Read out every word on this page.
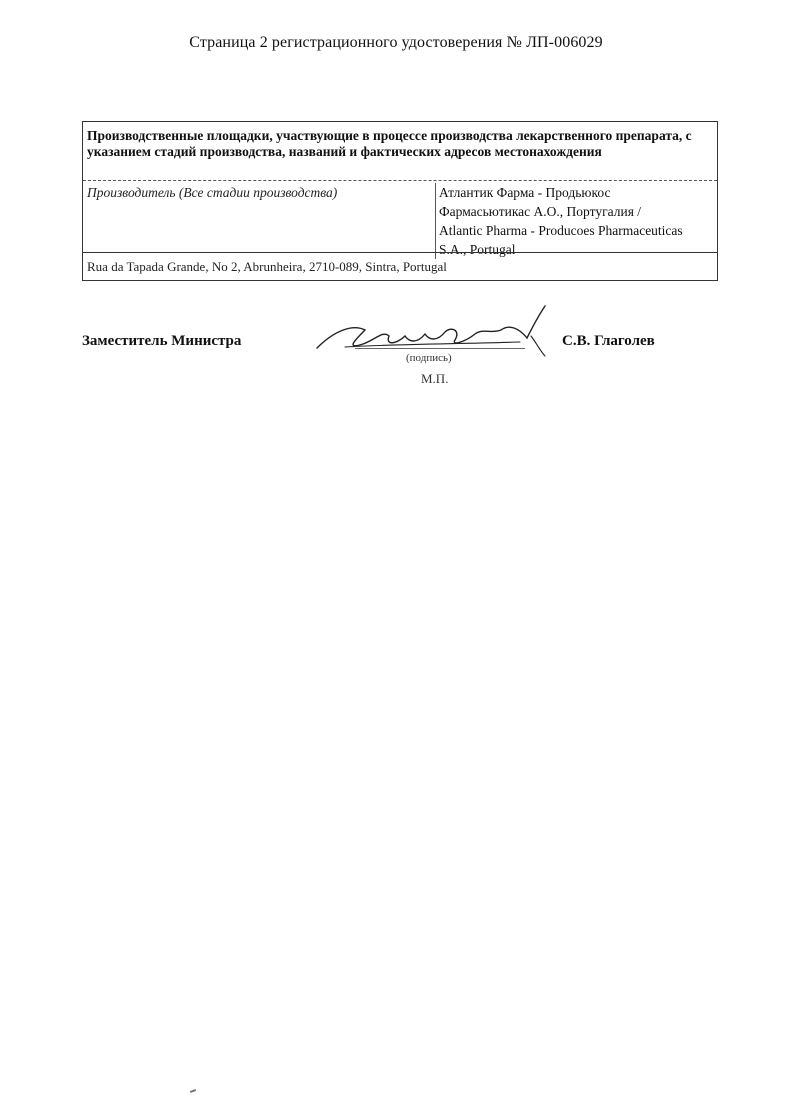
Страница 2 регистрационного удостоверения № ЛП-006029
Производственные площадки, участвующие в процессе производства лекарственного препарата, с указанием стадий производства, названий и фактических адресов местонахождения
Производитель (Все стадии производства)	Атлантик Фарма - Продьюкос
Фармасьютикас А.О., Португалия /
Atlantic Pharma - Producoes Pharmaceuticas
S.A., Portugal
Rua da Tapada Grande, No 2, Abrunheira, 2710-089, Sintra, Portugal
Заместитель Министра
(подпись)
М.П.
С.В. Глаголев
